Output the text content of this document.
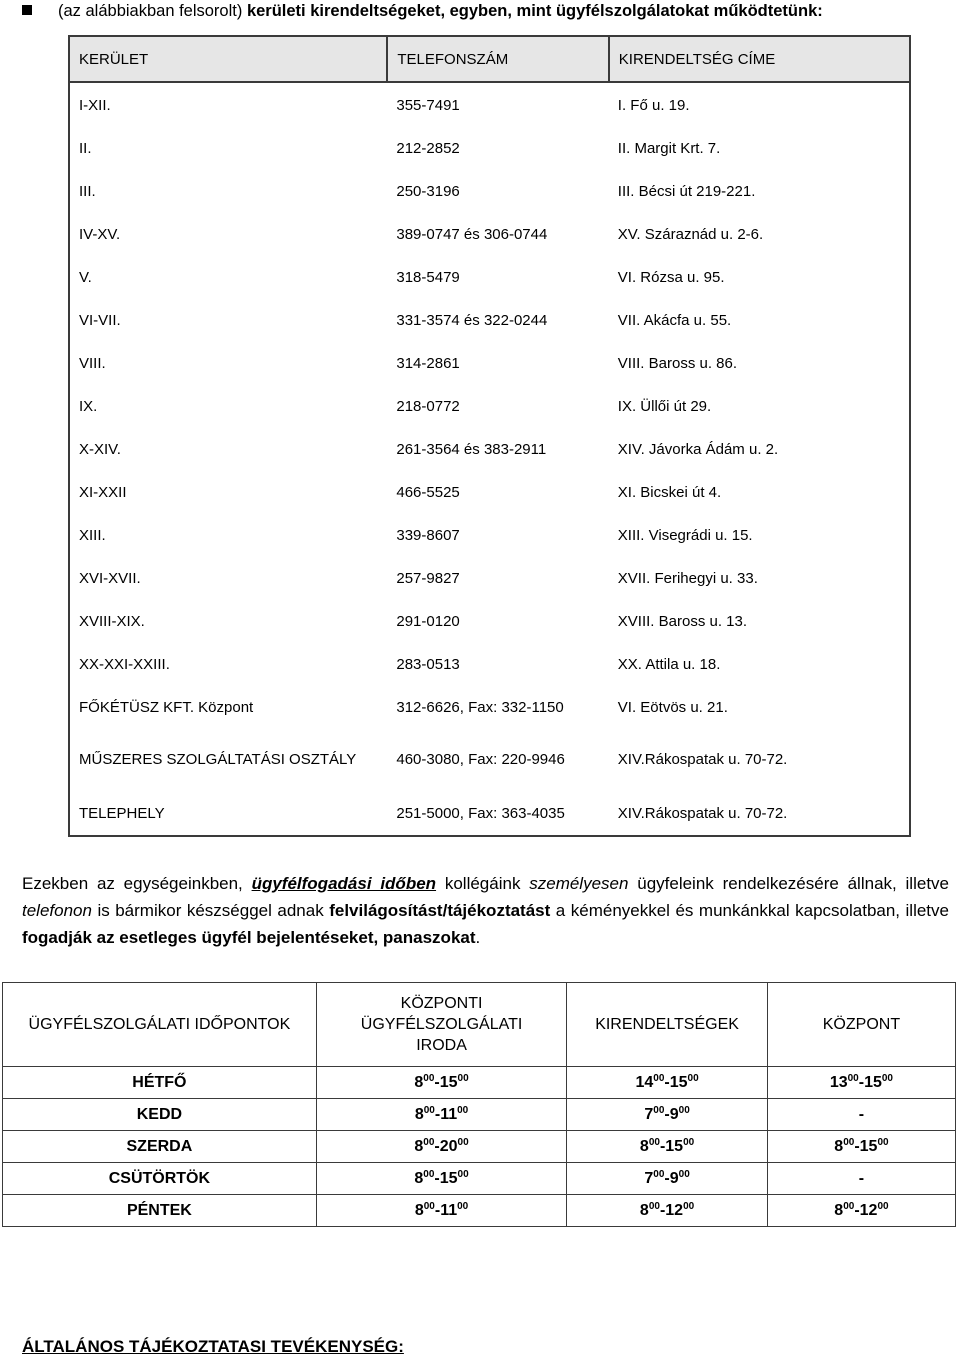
(az alábbiakban felsorolt) kerületi kirendeltségeket, egyben, mint ügyfélszolgálatokat működtetünk:
KERÜLET	TELEFONSZÁM	KIRENDELTSÉG CÍME
I-XII.	355-7491	I. Fő u. 19.
II.	212-2852	II. Margit Krt. 7.
III.	250-3196	III. Bécsi út 219-221.
IV-XV.	389-0747 és 306-0744	XV. Száraznád u. 2-6.
V.	318-5479	VI. Rózsa u. 95.
VI-VII.	331-3574 és 322-0244	VII. Akácfa u. 55.
VIII.	314-2861	VIII. Baross u. 86.
IX.	218-0772	IX. Üllői út 29.
X-XIV.	261-3564 és 383-2911	XIV. Jávorka Ádám u. 2.
XI-XXII	466-5525	XI. Bicskei út 4.
XIII.	339-8607	XIII. Visegrádi u. 15.
XVI-XVII.	257-9827	XVII. Ferihegyi u. 33.
XVIII-XIX.	291-0120	XVIII. Baross u. 13.
XX-XXI-XXIII.	283-0513	XX. Attila u. 18.
FŐKÉTÜSZ KFT. Központ	312-6626, Fax: 332-1150	VI. Eötvös u. 21.
MŰSZERES SZOLGÁLTATÁSI OSZTÁLY	460-3080, Fax: 220-9946	XIV.Rákospatak u. 70-72.
TELEPHELY	251-5000, Fax: 363-4035	XIV.Rákospatak u. 70-72.
Ezekben az egységeinkben, ügyfélfogadási időben kollégáink személyesen ügyfeleink rendelkezésére állnak, illetve telefonon is bármikor készséggel adnak felvilágosítást/tájékoztatást a kéményekkel és munkánkkal kapcsolatban, illetve fogadják az esetleges ügyfél bejelentéseket, panaszokat.
ÜGYFÉLSZOLGÁLATI IDŐPONTOK	KÖZPONTI ÜGYFÉLSZOLGÁLATI IRODA	KIRENDELTSÉGEK	KÖZPONT
HÉTFŐ	$8^{00}-15^{00}$	$14^{00}-15^{00}$	$13^{00}-15^{00}$
KEDD	$8^{00}-11^{00}$	$7^{00}-9^{00}$	-
SZERDA	$8^{00}-20^{00}$	$8^{00}-15^{00}$	$8^{00}-15^{00}$
CSÜTÖRTÖK	$8^{00}-15^{00}$	$7^{00}-9^{00}$	-
PÉNTEK	$8^{00}-11^{00}$	$8^{00}-12^{00}$	$8^{00}-12^{00}$
ÁLTALÁNOS TÁJÉKOZTATASI TEVÉKENYSÉG:
